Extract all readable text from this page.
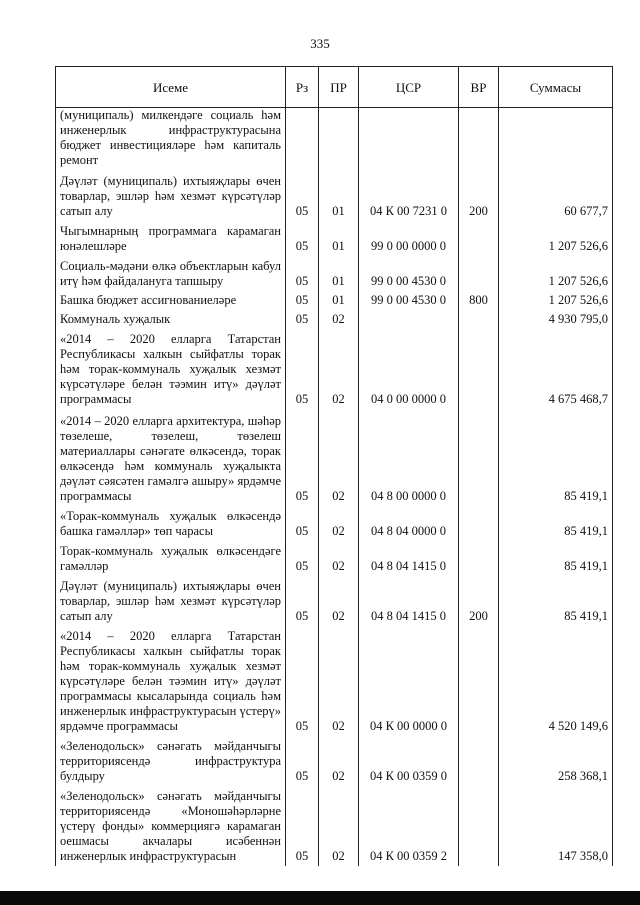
335
Исеме	Рз	ПР	ЦСР	ВР	Суммасы
(муниципаль) милкендәге социаль һәм инженерлык инфраструктурасына бюджет инвестицияләре һәм капиталь ремонт					
Дәүләт (муниципаль) ихтыяҗлары өчен товарлар, эшләр һәм хезмәт күрсәтүләр сатып алу	05	01	04 К 00 7231 0	200	60 677,7
Чыгымнарның программага карамаган юнәлешләре	05	01	99 0 00 0000 0		1 207 526,6
Социаль-мәдәни өлкә объектларын кабул итү һәм файдалануга тапшыру	05	01	99 0 00 4530 0		1 207 526,6
Башка бюджет ассигнованиеләре	05	01	99 0 00 4530 0	800	1 207 526,6
Коммуналь хуҗалык	05	02			4 930 795,0
«2014 – 2020 елларга Татарстан Республикасы халкын сыйфатлы торак һәм торак-коммуналь хуҗалык хезмәт күрсәтүләре белән тәэмин итү» дәүләт программасы	05	02	04 0 00 0000 0		4 675 468,7
«2014 – 2020 елларга архитектура, шәһәр төзелеше, төзелеш, төзелеш материаллары сәнәгате өлкәсендә, торак өлкәсендә һәм коммуналь хуҗалыкта дәүләт сәясәтен гамәлгә ашыру» ярдәмче программасы	05	02	04 8 00 0000 0		85 419,1
«Торак-коммуналь хуҗалык өлкәсендә башка гамәлләр» төп чарасы	05	02	04 8 04 0000 0		85 419,1
Торак-коммуналь хуҗалык өлкәсендәге гамәлләр	05	02	04 8 04 1415 0		85 419,1
Дәүләт (муниципаль) ихтыяҗлары өчен товарлар, эшләр һәм хезмәт күрсәтүләр сатып алу	05	02	04 8 04 1415 0	200	85 419,1
«2014 – 2020 елларга Татарстан Республикасы халкын сыйфатлы торак һәм торак-коммуналь хуҗалык хезмәт күрсәтүләре белән тәэмин итү» дәүләт программасы кысаларында социаль һәм инженерлык инфраструктурасын үстерү» ярдәмче программасы	05	02	04 К 00 0000 0		4 520 149,6
«Зеленодольск» сәнәгать мәйданчыгы территориясендә инфраструктура булдыру	05	02	04 К 00 0359 0		258 368,1
«Зеленодольск» сәнәгать мәйданчыгы территориясендә «Моношәһәрләрне үстерү фонды» коммерциягә карамаган оешмасы акчалары исәбеннән инженерлык инфраструктурасын	05	02	04 К 00 0359 2		147 358,0
